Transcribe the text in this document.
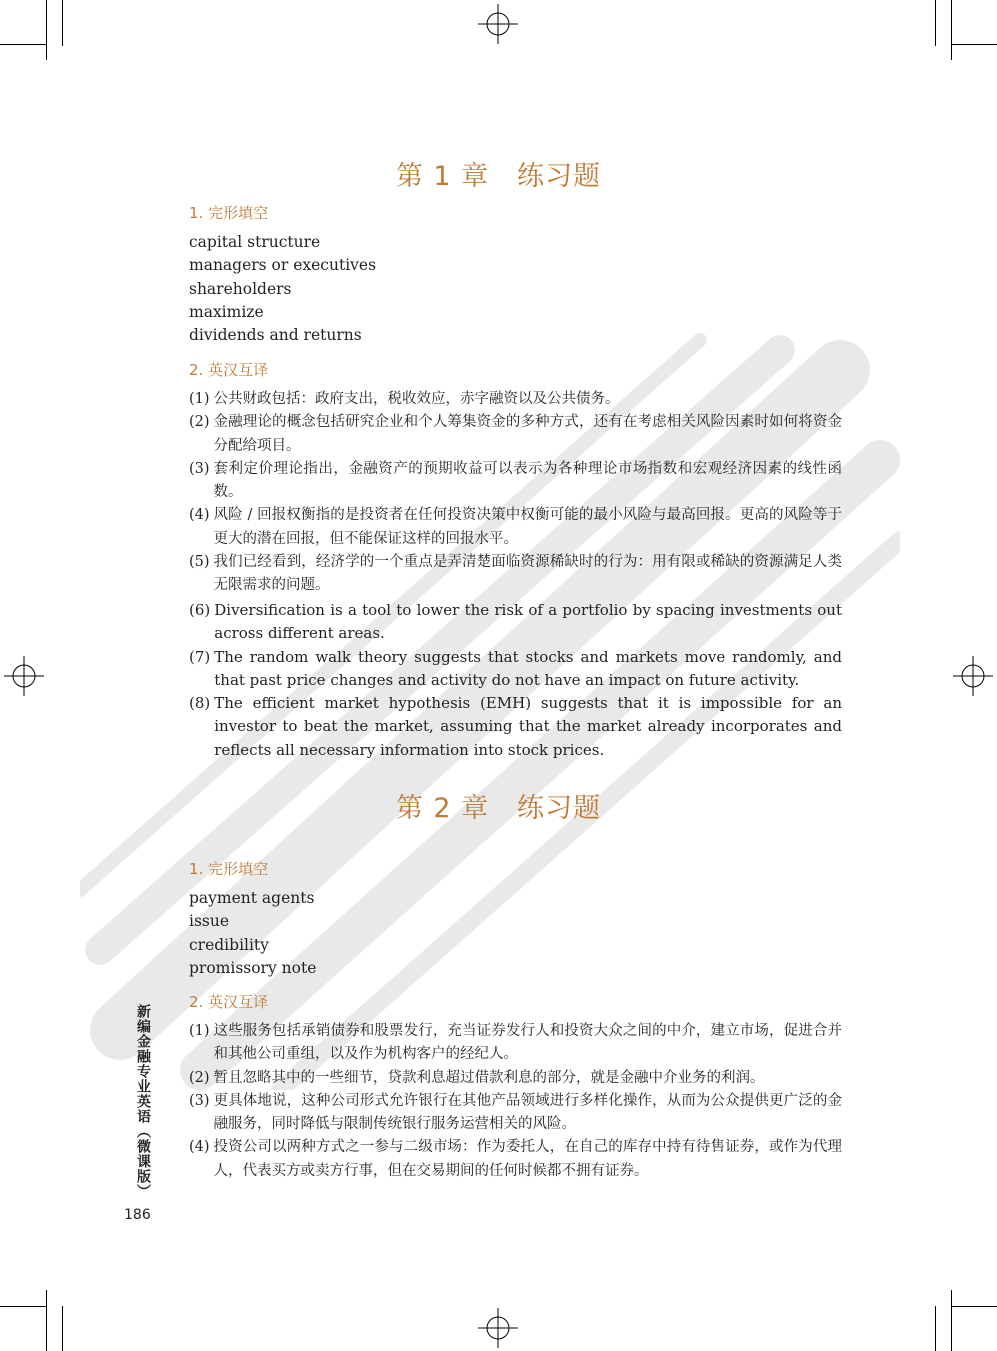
第 1 章　练习题
1. 完形填空
capital structure
managers or executives
shareholders
maximize
dividends and returns
2. 英汉互译
(1) 公共财政包括：政府支出，税收效应，赤字融资以及公共债务。
(2) 金融理论的概念包括研究企业和个人筹集资金的多种方式，还有在考虑相关风险因素时如何将资金分配给项目。
(3) 套利定价理论指出，金融资产的预期收益可以表示为各种理论市场指数和宏观经济因素的线性函数。
(4) 风险 / 回报权衡指的是投资者在任何投资决策中权衡可能的最小风险与最高回报。更高的风险等于更大的潜在回报，但不能保证这样的回报水平。
(5) 我们已经看到，经济学的一个重点是弄清楚面临资源稀缺时的行为：用有限或稀缺的资源满足人类无限需求的问题。
(6) Diversification is a tool to lower the risk of a portfolio by spacing investments out across different areas.
(7) The random walk theory suggests that stocks and markets move randomly, and that past price changes and activity do not have an impact on future activity.
(8) The efficient market hypothesis (EMH) suggests that it is impossible for an investor to beat the market, assuming that the market already incorporates and reflects all necessary information into stock prices.
第 2 章　练习题
1. 完形填空
payment agents
issue
credibility
promissory note
2. 英汉互译
(1) 这些服务包括承销债券和股票发行，充当证券发行人和投资大众之间的中介，建立市场，促进合并和其他公司重组，以及作为机构客户的经纪人。
(2) 暂且忽略其中的一些细节，贷款利息超过借款利息的部分，就是金融中介业务的利润。
(3) 更具体地说，这种公司形式允许银行在其他产品领域进行多样化操作，从而为公众提供更广泛的金融服务，同时降低与限制传统银行服务运营相关的风险。
(4) 投资公司以两种方式之一参与二级市场：作为委托人，在自己的库存中持有待售证券，或作为代理人，代表买方或卖方行事，但在交易期间的任何时候都不拥有证券。
新编金融专业英语（微课版）
186
